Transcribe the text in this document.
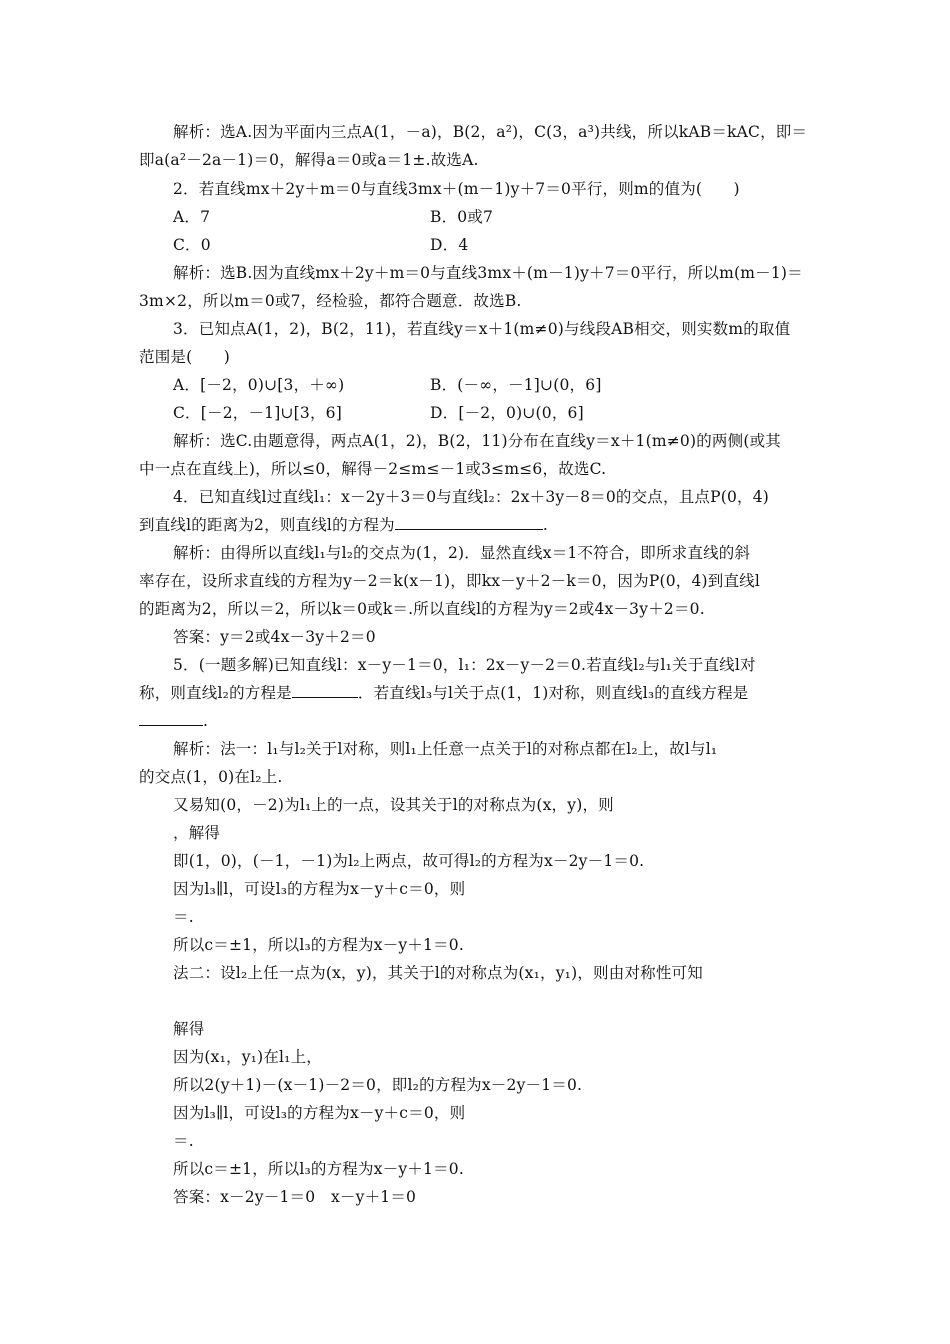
解析：选A.因为平面内三点A(1，－a)，B(2，a²)，C(3，a³)共线，所以kAB＝kAC，即＝
即a(a²－2a－1)＝0，解得a＝0或a＝1±.故选A.
2．若直线mx＋2y＋m＝0与直线3mx＋(m－1)y＋7＝0平行，则m的值为(　　)
A．7	B．0或7
C．0	D．4
解析：选B.因为直线mx＋2y＋m＝0与直线3mx＋(m－1)y＋7＝0平行，所以m(m－1)＝
3m×2，所以m＝0或7，经检验，都符合题意．故选B.
3．已知点A(1，2)，B(2，11)，若直线y＝x＋1(m≠0)与线段AB相交，则实数m的取值
范围是(　　)
A．[－2，0)∪[3，＋∞)	B．(－∞，－1]∪(0，6]
C．[－2，－1]∪[3，6]	D．[－2，0)∪(0，6]
解析：选C.由题意得，两点A(1，2)，B(2，11)分布在直线y＝x＋1(m≠0)的两侧(或其
中一点在直线上)，所以≤0，解得－2≤m≤－1或3≤m≤6，故选C.
4．已知直线l过直线l₁：x－2y＋3＝0与直线l₂：2x＋3y－8＝0的交点，且点P(0，4)
到直线l的距离为2，则直线l的方程为	.
解析：由得所以直线l₁与l₂的交点为(1，2)．显然直线x＝1不符合，即所求直线的斜
率存在，设所求直线的方程为y－2＝k(x－1)，即kx－y＋2－k＝0，因为P(0，4)到直线l
的距离为2，所以＝2，所以k＝0或k＝.所以直线l的方程为y＝2或4x－3y＋2＝0.
答案：y＝2或4x－3y＋2＝0
5．(一题多解)已知直线l：x－y－1＝0，l₁：2x－y－2＝0.若直线l₂与l₁关于直线l对
称，则直线l₂的方程是	．若直线l₃与l关于点(1，1)对称，则直线l₃的直线方程是
.
解析：法一：l₁与l₂关于l对称，则l₁上任意一点关于l的对称点都在l₂上，故l与l₁
的交点(1，0)在l₂上.
又易知(0，－2)为l₁上的一点，设其关于l的对称点为(x，y)，则
，解得
即(1，0)，(－1，－1)为l₂上两点，故可得l₂的方程为x－2y－1＝0.
因为l₃∥l，可设l₃的方程为x－y＋c＝0，则
＝.
所以c＝±1，所以l₃的方程为x－y＋1＝0.
法二：设l₂上任一点为(x，y)，其关于l的对称点为(x₁，y₁)，则由对称性可知
解得
因为(x₁，y₁)在l₁上，
所以2(y＋1)－(x－1)－2＝0，即l₂的方程为x－2y－1＝0.
因为l₃∥l，可设l₃的方程为x－y＋c＝0，则
＝.
所以c＝±1，所以l₃的方程为x－y＋1＝0.
答案：x－2y－1＝0　x－y＋1＝0
